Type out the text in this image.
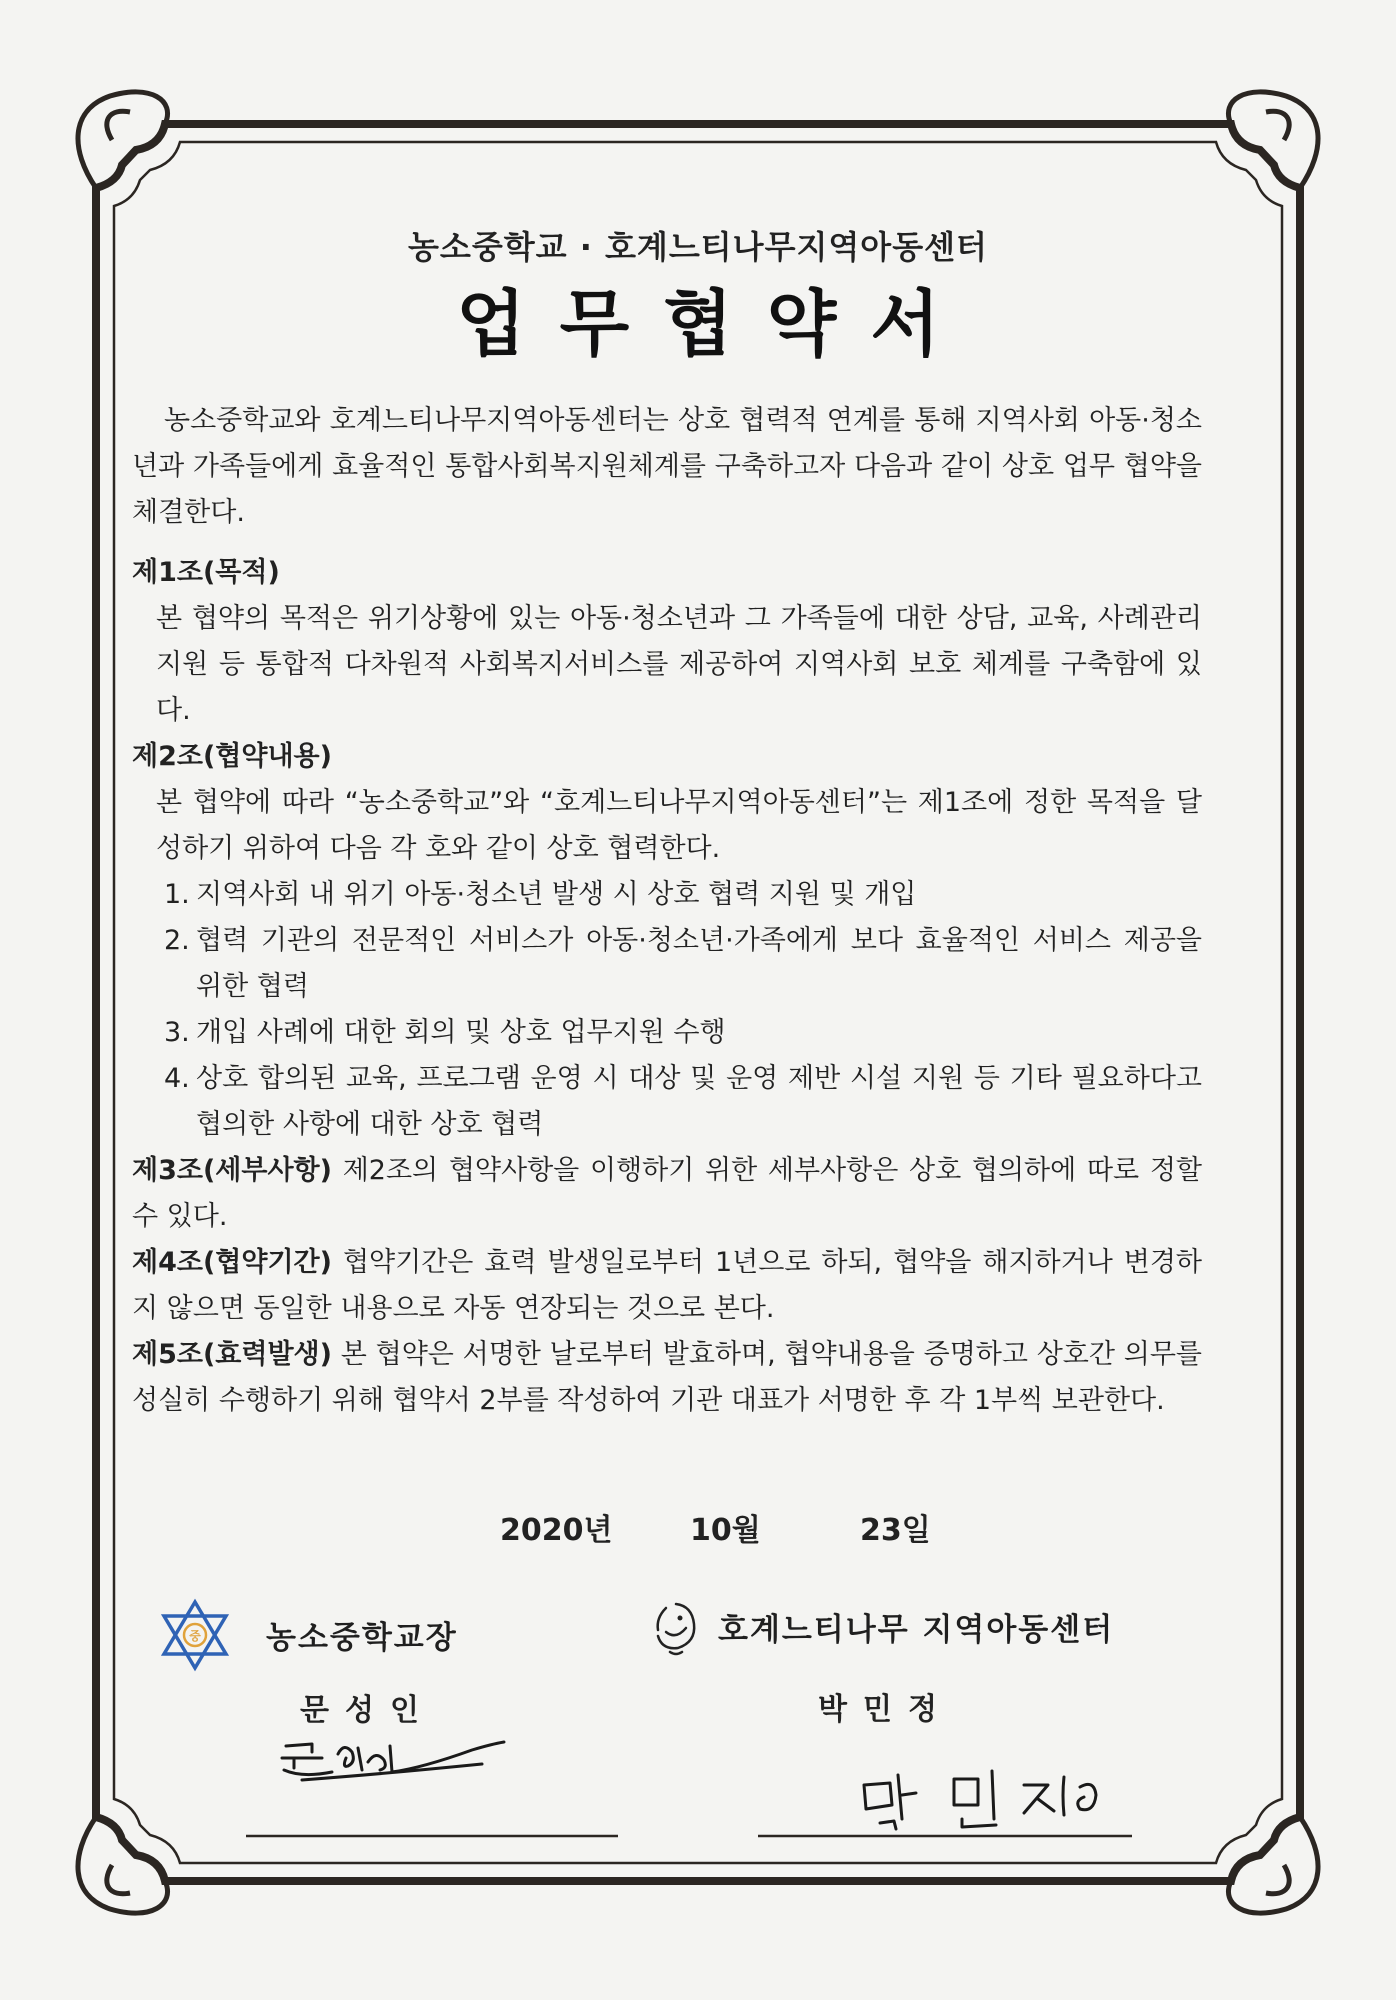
농소중학교 · 호계느티나무지역아동센터
업무협약서

농소중학교와 호계느티나무지역아동센터는 상호 협력적 연계를 통해 지역사회 아동·청소년과 가족들에게 효율적인 통합사회복지원체계를 구축하고자 다음과 같이 상호 업무 협약을 체결한다.

제1조(목적)

본 협약의 목적은 위기상황에 있는 아동·청소년과 그 가족들에 대한 상담, 교육, 사례관리 지원 등 통합적 다차원적 사회복지서비스를 제공하여 지역사회 보호 체계를 구축함에 있다.

제2조(협약내용)

본 협약에 따라 “농소중학교”와 “호계느티나무지역아동센터”는 제1조에 정한 목적을 달성하기 위하여 다음 각 호와 같이 상호 협력한다.

1. 지역사회 내 위기 아동·청소년 발생 시 상호 협력 지원 및 개입
2. 협력 기관의 전문적인 서비스가 아동·청소년·가족에게 보다 효율적인 서비스 제공을 위한 협력
3. 개입 사례에 대한 회의 및 상호 업무지원 수행
4. 상호 합의된 교육, 프로그램 운영 시 대상 및 운영 제반 시설 지원 등 기타 필요하다고 협의한 사항에 대한 상호 협력

제3조(세부사항) 제2조의 협약사항을 이행하기 위한 세부사항은 상호 협의하에 따로 정할 수 있다.

제4조(협약기간) 협약기간은 효력 발생일로부터 1년으로 하되, 협약을 해지하거나 변경하지 않으면 동일한 내용으로 자동 연장되는 것으로 본다.

제5조(효력발생) 본 협약은 서명한 날로부터 발효하며, 협약내용을 증명하고 상호간 의무를 성실히 수행하기 위해 협약서 2부를 작성하여 기관 대표가 서명한 후 각 1부씩 보관한다.

2020년	10월	23일
중 농소중학교장
문성인
호계느티나무 지역아동센터
박민정
